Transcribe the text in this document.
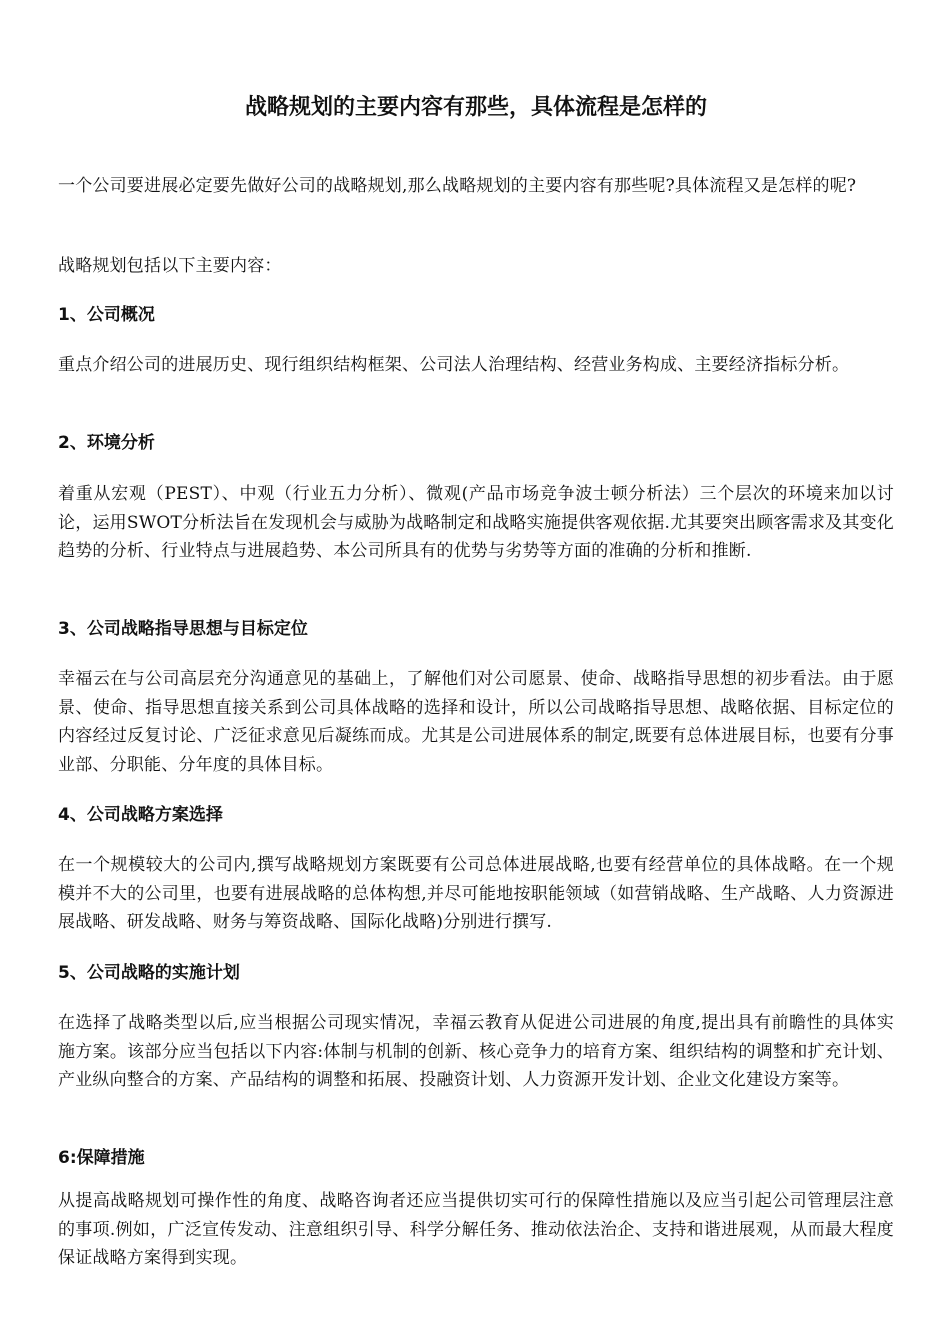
战略规划的主要内容有那些，具体流程是怎样的

一个公司要进展必定要先做好公司的战略规划,那么战略规划的主要内容有那些呢?具体流程又是怎样的呢?

战略规划包括以下主要内容：

1、公司概况

重点介绍公司的进展历史、现行组织结构框架、公司法人治理结构、经营业务构成、主要经济指标分析。

2、环境分析

着重从宏观（PEST）、中观（行业五力分析）、微观(产品市场竞争波士顿分析法）三个层次的环境来加以讨论，运用SWOT分析法旨在发现机会与威胁为战略制定和战略实施提供客观依据.尤其要突出顾客需求及其变化趋势的分析、行业特点与进展趋势、本公司所具有的优势与劣势等方面的准确的分析和推断.

3、公司战略指导思想与目标定位

幸福云在与公司高层充分沟通意见的基础上，了解他们对公司愿景、使命、战略指导思想的初步看法。由于愿景、使命、指导思想直接关系到公司具体战略的选择和设计，所以公司战略指导思想、战略依据、目标定位的内容经过反复讨论、广泛征求意见后凝练而成。尤其是公司进展体系的制定,既要有总体进展目标，也要有分事业部、分职能、分年度的具体目标。

4、公司战略方案选择

在一个规模较大的公司内,撰写战略规划方案既要有公司总体进展战略,也要有经营单位的具体战略。在一个规模并不大的公司里，也要有进展战略的总体构想,并尽可能地按职能领域（如营销战略、生产战略、人力资源进展战略、研发战略、财务与筹资战略、国际化战略)分别进行撰写.

5、公司战略的实施计划

在选择了战略类型以后,应当根据公司现实情况，幸福云教育从促进公司进展的角度,提出具有前瞻性的具体实施方案。该部分应当包括以下内容:体制与机制的创新、核心竞争力的培育方案、组织结构的调整和扩充计划、产业纵向整合的方案、产品结构的调整和拓展、投融资计划、人力资源开发计划、企业文化建设方案等。

6:保障措施

从提高战略规划可操作性的角度、战略咨询者还应当提供切实可行的保障性措施以及应当引起公司管理层注意的事项.例如，广泛宣传发动、注意组织引导、科学分解任务、推动依法治企、支持和谐进展观，从而最大程度保证战略方案得到实现。
